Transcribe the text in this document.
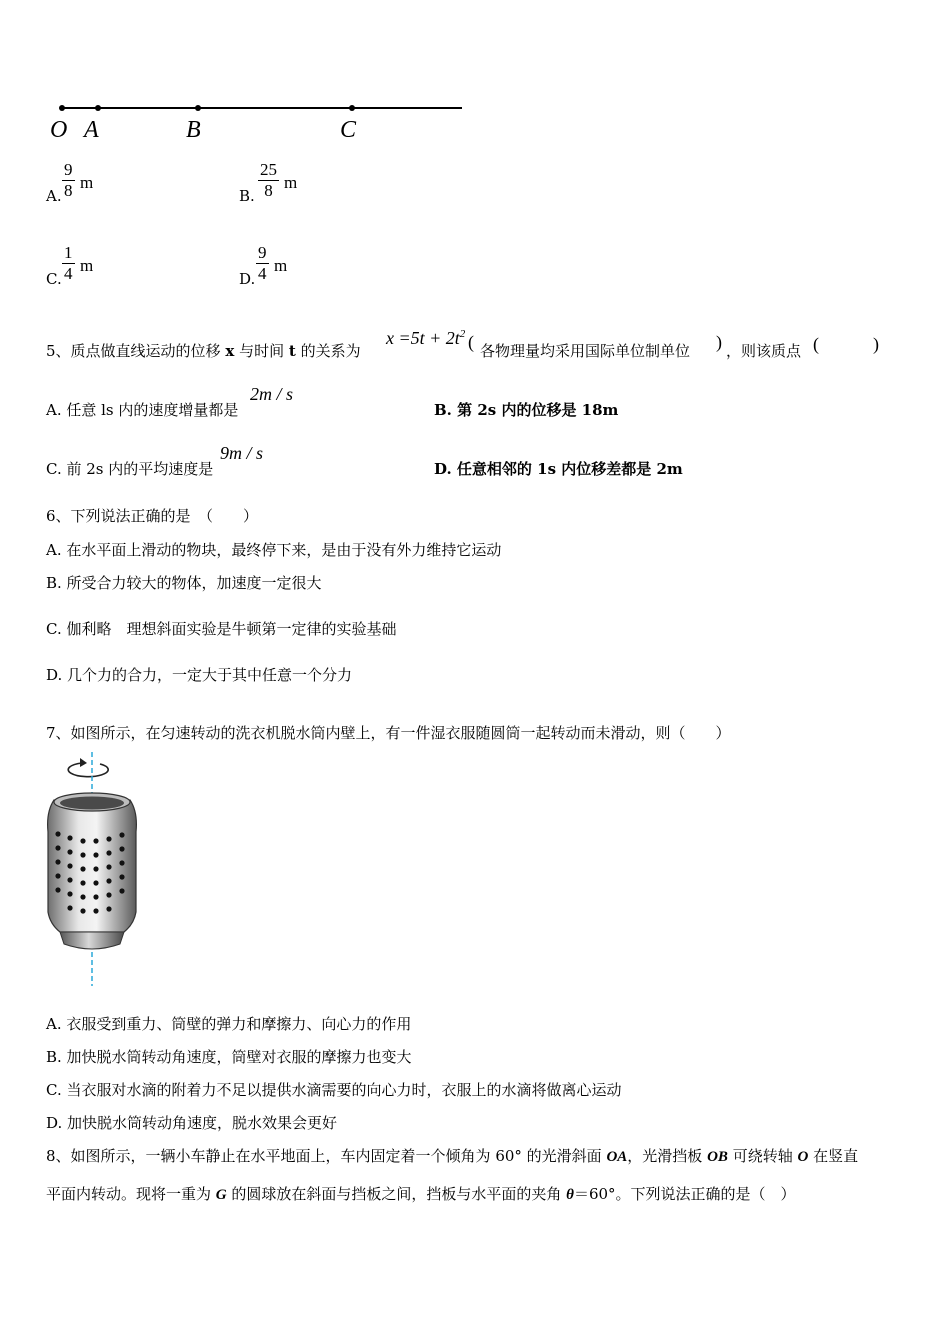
O A	B	C
A. $\frac{9}{8}$ m
B. $\frac{25}{8}$ m
C. $\frac{1}{4}$ m
D. $\frac{9}{4}$ m
5、质点做直线运动的位移 x 与时间 t 的关系为
$x =5t + 2t^2$ ( 各物理量均采用国际单位制单位 ) ，则该质点 (　　　)
A. 任意 ls 内的速度增量都是
2m / s
B. 第 2s 内的位移是 18m
C. 前 2s 内的平均速度是
9m / s
D. 任意相邻的 1s 内位移差都是 2m
6、下列说法正确的是　（　　）
A. 在水平面上滑动的物块，最终停下来，是由于没有外力维持它运动
B. 所受合力较大的物体，加速度一定很大
C. 伽利略　理想斜面实验是牛顿第一定律的实验基础
D. 几个力的合力，一定大于其中任意一个分力
7、如图所示，在匀速转动的洗衣机脱水筒内壁上，有一件湿衣服随圆筒一起转动而未滑动，则（　　）
A. 衣服受到重力、筒壁的弹力和摩擦力、向心力的作用
B. 加快脱水筒转动角速度，筒壁对衣服的摩擦力也变大
C. 当衣服对水滴的附着力不足以提供水滴需要的向心力时，衣服上的水滴将做离心运动
D. 加快脱水筒转动角速度，脱水效果会更好
8、如图所示，一辆小车静止在水平地面上，车内固定着一个倾角为 60° 的光滑斜面 OA，光滑挡板 OB 可绕转轴 O 在竖直
平面内转动。现将一重为 G 的圆球放在斜面与挡板之间，挡板与水平面的夹角 θ＝60°。下列说法正确的是（　）
